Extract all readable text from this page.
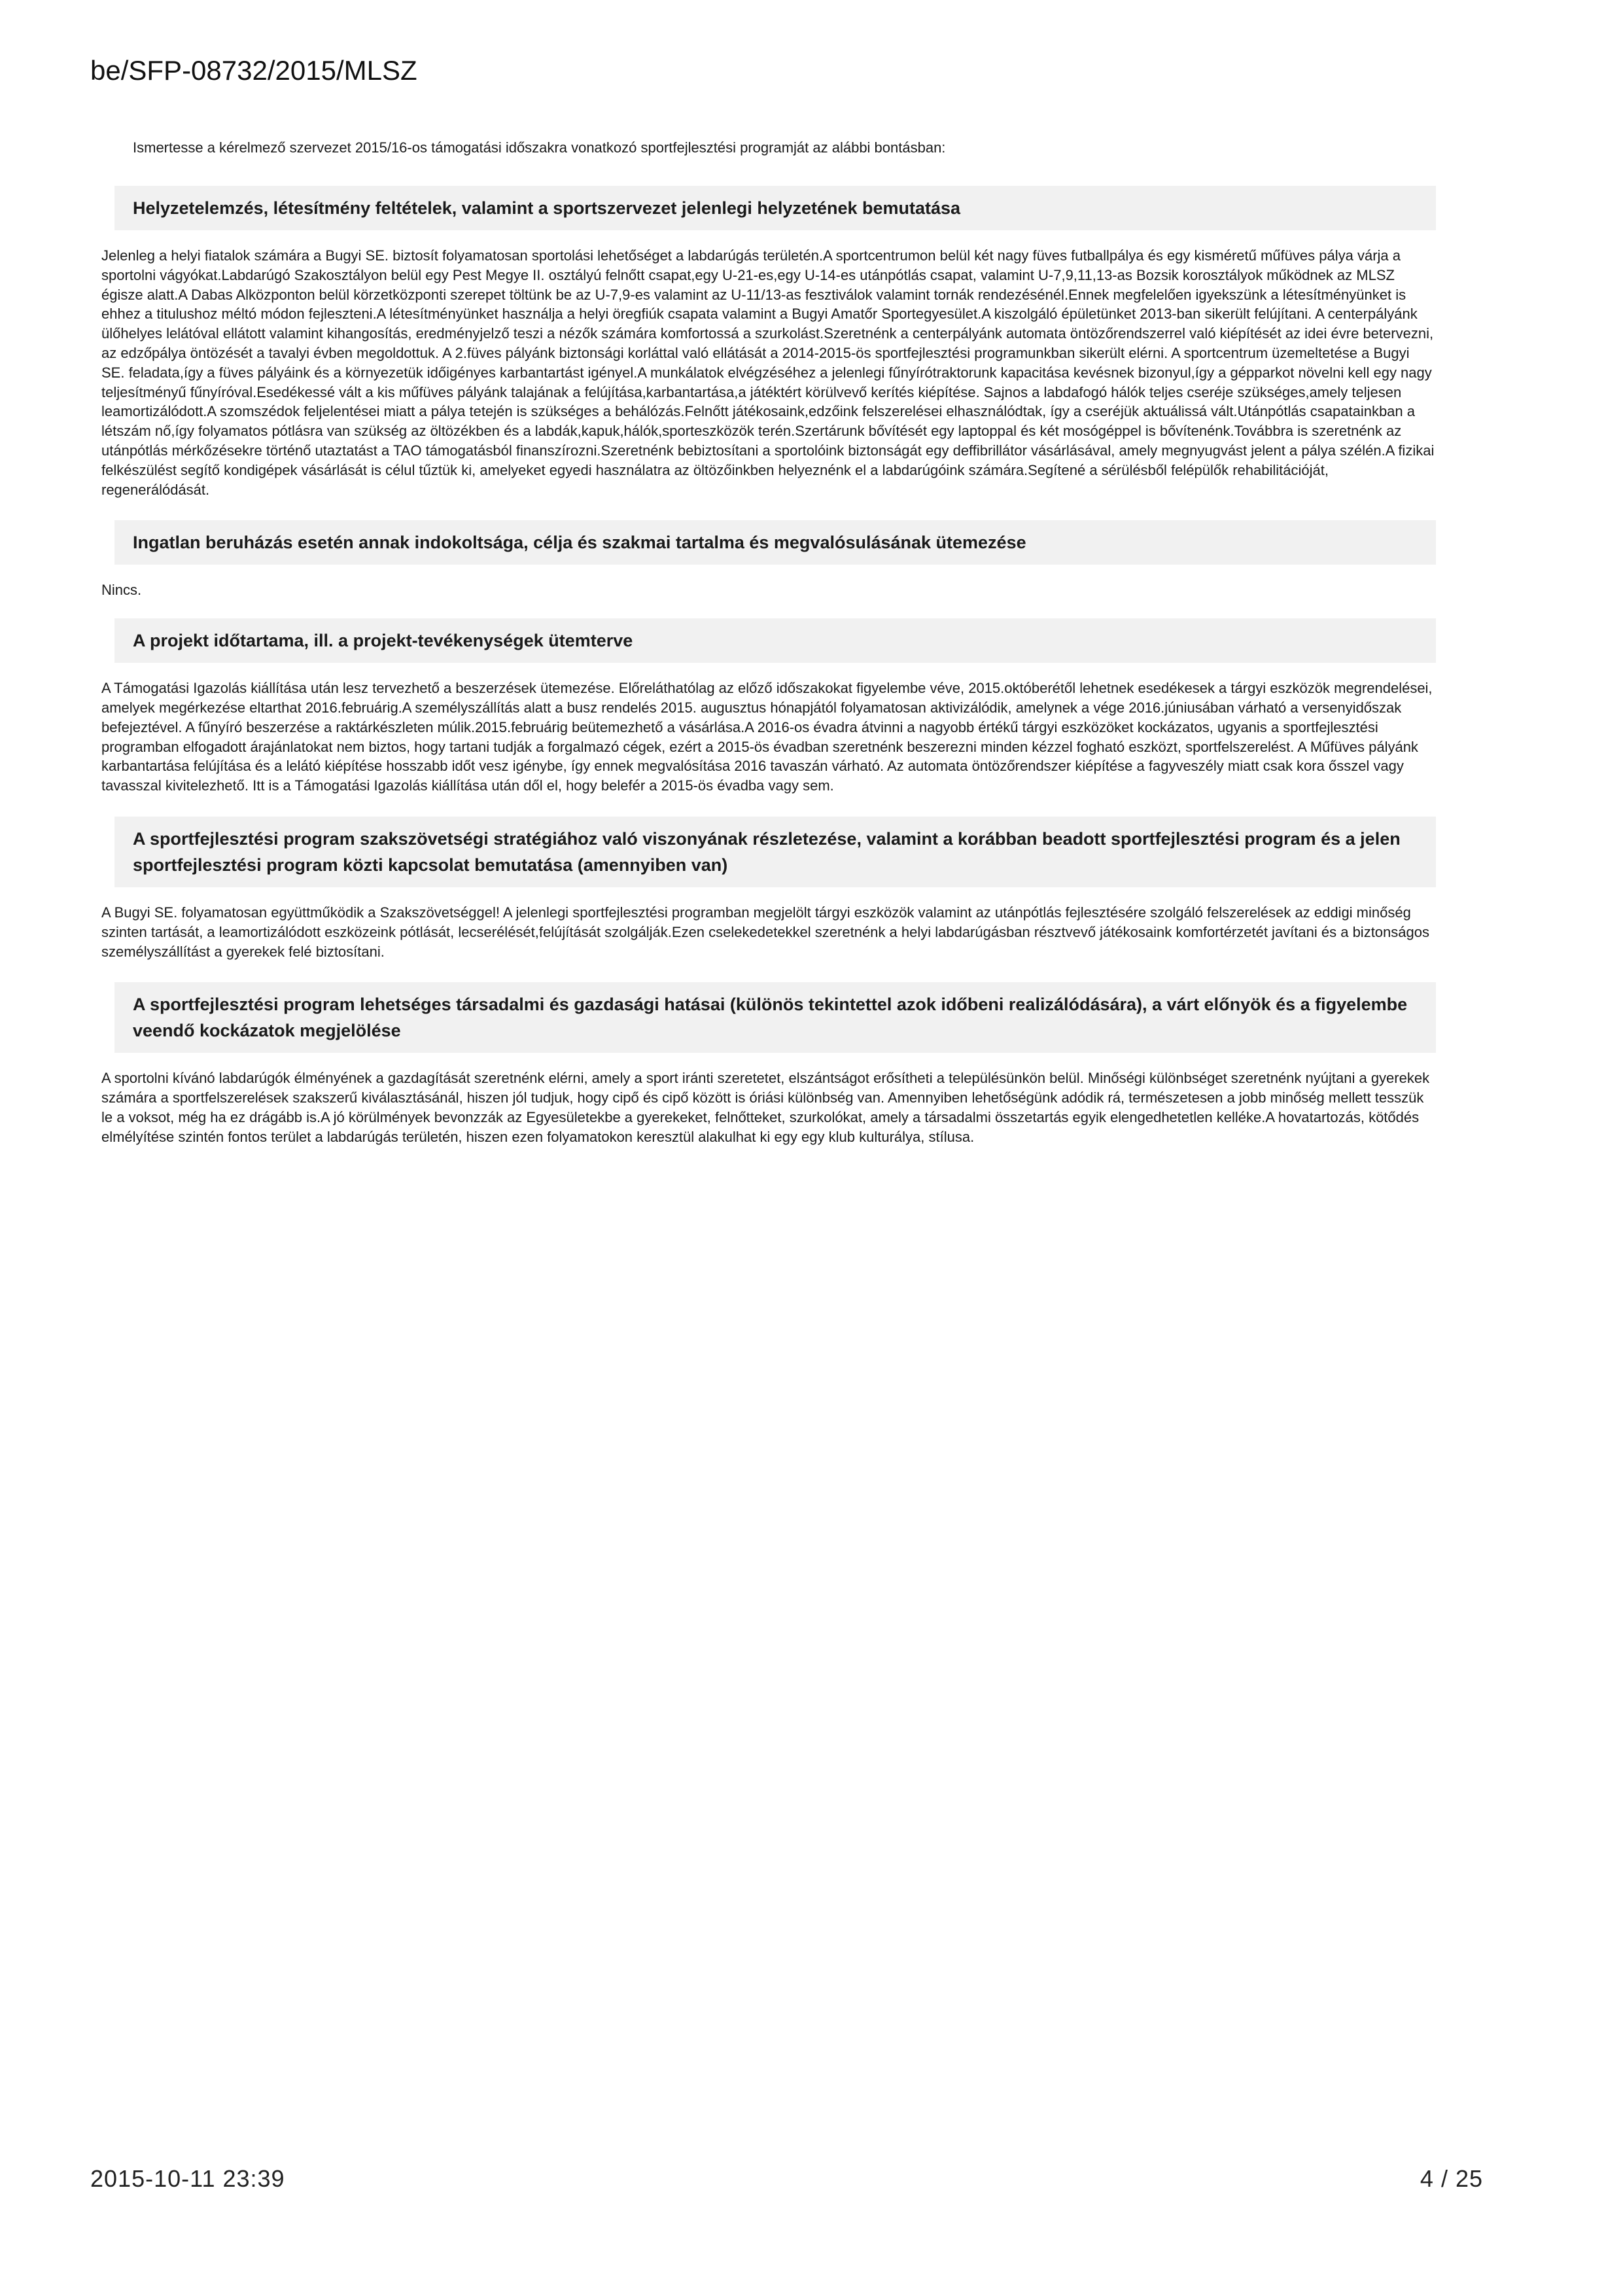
be/SFP-08732/2015/MLSZ
Ismertesse a kérelmező szervezet 2015/16-os támogatási időszakra vonatkozó sportfejlesztési programját az alábbi bontásban:
Helyzetelemzés, létesítmény feltételek, valamint a sportszervezet jelenlegi helyzetének bemutatása

Jelenleg a helyi fiatalok számára a Bugyi SE. biztosít folyamatosan sportolási lehetőséget a labdarúgás területén.A sportcentrumon belül két nagy füves futballpálya és egy kisméretű műfüves pálya várja a sportolni vágyókat.Labdarúgó Szakosztályon belül egy Pest Megye II. osztályú felnőtt csapat,egy U-21-es,egy U-14-es utánpótlás csapat, valamint U-7,9,11,13-as Bozsik korosztályok működnek az MLSZ égisze alatt.A Dabas Alközponton belül körzetközponti szerepet töltünk be az U-7,9-es valamint az U-11/13-as fesztiválok valamint tornák rendezésénél.Ennek megfelelően igyekszünk a létesítményünket is ehhez a titulushoz méltó módon fejleszteni.A létesítményünket használja a helyi öregfiúk csapata valamint a Bugyi Amatőr Sportegyesület.A kiszolgáló épületünket 2013-ban sikerült felújítani. A centerpályánk ülőhelyes lelátóval ellátott valamint kihangosítás, eredményjelző teszi a nézők számára komfortossá a szurkolást.Szeretnénk a centerpályánk automata öntözőrendszerrel való kiépítését az idei évre betervezni, az edzőpálya öntözését a tavalyi évben megoldottuk. A 2.füves pályánk biztonsági korláttal való ellátását a 2014-2015-ös sportfejlesztési programunkban sikerült elérni. A sportcentrum üzemeltetése a Bugyi SE. feladata,így a füves pályáink és a környezetük időigényes karbantartást igényel.A munkálatok elvégzéséhez a jelenlegi fűnyírótraktorunk kapacitása kevésnek bizonyul,így a gépparkot növelni kell egy nagy teljesítményű fűnyíróval.Esedékessé vált a kis műfüves pályánk talajának a felújítása,karbantartása,a játéktért körülvevő kerítés kiépítése. Sajnos a labdafogó hálók teljes cseréje szükséges,amely teljesen leamortizálódott.A szomszédok feljelentései miatt a pálya tetején is szükséges a behálózás.Felnőtt játékosaink,edzőink felszerelései elhasználódtak, így a cseréjük aktuálissá vált.Utánpótlás csapatainkban a létszám nő,így folyamatos pótlásra van szükség az öltözékben és a labdák,kapuk,hálók,sporteszközök terén.Szertárunk bővítését egy laptoppal és két mosógéppel is bővítenénk.Továbbra is szeretnénk az utánpótlás mérkőzésekre történő utaztatást a TAO támogatásból finanszírozni.Szeretnénk bebiztosítani a sportolóink biztonságát egy deffibrillátor vásárlásával, amely megnyugvást jelent a pálya szélén.A fizikai felkészülést segítő kondigépek vásárlását is célul tűztük ki, amelyeket egyedi használatra az öltözőinkben helyeznénk el a labdarúgóink számára.Segítené a sérülésből felépülők rehabilitációját, regenerálódását.

Ingatlan beruházás esetén annak indokoltsága, célja és szakmai tartalma és megvalósulásának ütemezése

Nincs.

A projekt időtartama, ill. a projekt-tevékenységek ütemterve

A Támogatási Igazolás kiállítása után lesz tervezhető a beszerzések ütemezése. Előreláthatólag az előző időszakokat figyelembe véve, 2015.októberétől lehetnek esedékesek a tárgyi eszközök megrendelései, amelyek megérkezése eltarthat 2016.februárig.A személyszállítás alatt a busz rendelés 2015. augusztus hónapjától folyamatosan aktivizálódik, amelynek a vége 2016.júniusában várható a versenyidőszak befejeztével. A fűnyíró beszerzése a raktárkészleten múlik.2015.februárig beütemezhető a vásárlása.A 2016-os évadra átvinni a nagyobb értékű tárgyi eszközöket kockázatos, ugyanis a sportfejlesztési programban elfogadott árajánlatokat nem biztos, hogy tartani tudják a forgalmazó cégek, ezért a 2015-ös évadban szeretnénk beszerezni minden kézzel fogható eszközt, sportfelszerelést. A Műfüves pályánk karbantartása felújítása és a lelátó kiépítése hosszabb időt vesz igénybe, így ennek megvalósítása 2016 tavaszán várható. Az automata öntözőrendszer kiépítése a fagyveszély miatt csak kora ősszel vagy tavasszal kivitelezhető. Itt is a Támogatási Igazolás kiállítása után dől el, hogy belefér a 2015-ös évadba vagy sem.

A sportfejlesztési program szakszövetségi stratégiához való viszonyának részletezése, valamint a korábban beadott sportfejlesztési program és a jelen sportfejlesztési program közti kapcsolat bemutatása (amennyiben van)

A Bugyi SE. folyamatosan együttműködik a Szakszövetséggel! A jelenlegi sportfejlesztési programban megjelölt tárgyi eszközök valamint az utánpótlás fejlesztésére szolgáló felszerelések az eddigi minőség szinten tartását, a leamortizálódott eszközeink pótlását, lecserélését,felújítását szolgálják.Ezen cselekedetekkel szeretnénk a helyi labdarúgásban résztvevő játékosaink komfortérzetét javítani és a biztonságos személyszállítást a gyerekek felé biztosítani.

A sportfejlesztési program lehetséges társadalmi és gazdasági hatásai (különös tekintettel azok időbeni realizálódására), a várt előnyök és a figyelembe veendő kockázatok megjelölése

A sportolni kívánó labdarúgók élményének a gazdagítását szeretnénk elérni, amely a sport iránti szeretetet, elszántságot erősítheti a településünkön belül. Minőségi különbséget szeretnénk nyújtani a gyerekek számára a sportfelszerelések szakszerű kiválasztásánál, hiszen jól tudjuk, hogy cipő és cipő között is óriási különbség van. Amennyiben lehetőségünk adódik rá, természetesen a jobb minőség mellett tesszük le a voksot, még ha ez drágább is.A jó körülmények bevonzzák az Egyesületekbe a gyerekeket, felnőtteket, szurkolókat, amely a társadalmi összetartás egyik elengedhetetlen kelléke.A hovatartozás, kötődés elmélyítése szintén fontos terület a labdarúgás területén, hiszen ezen folyamatokon keresztül alakulhat ki egy egy klub kulturálya, stílusa.

2015-10-11 23:39	4 / 25
